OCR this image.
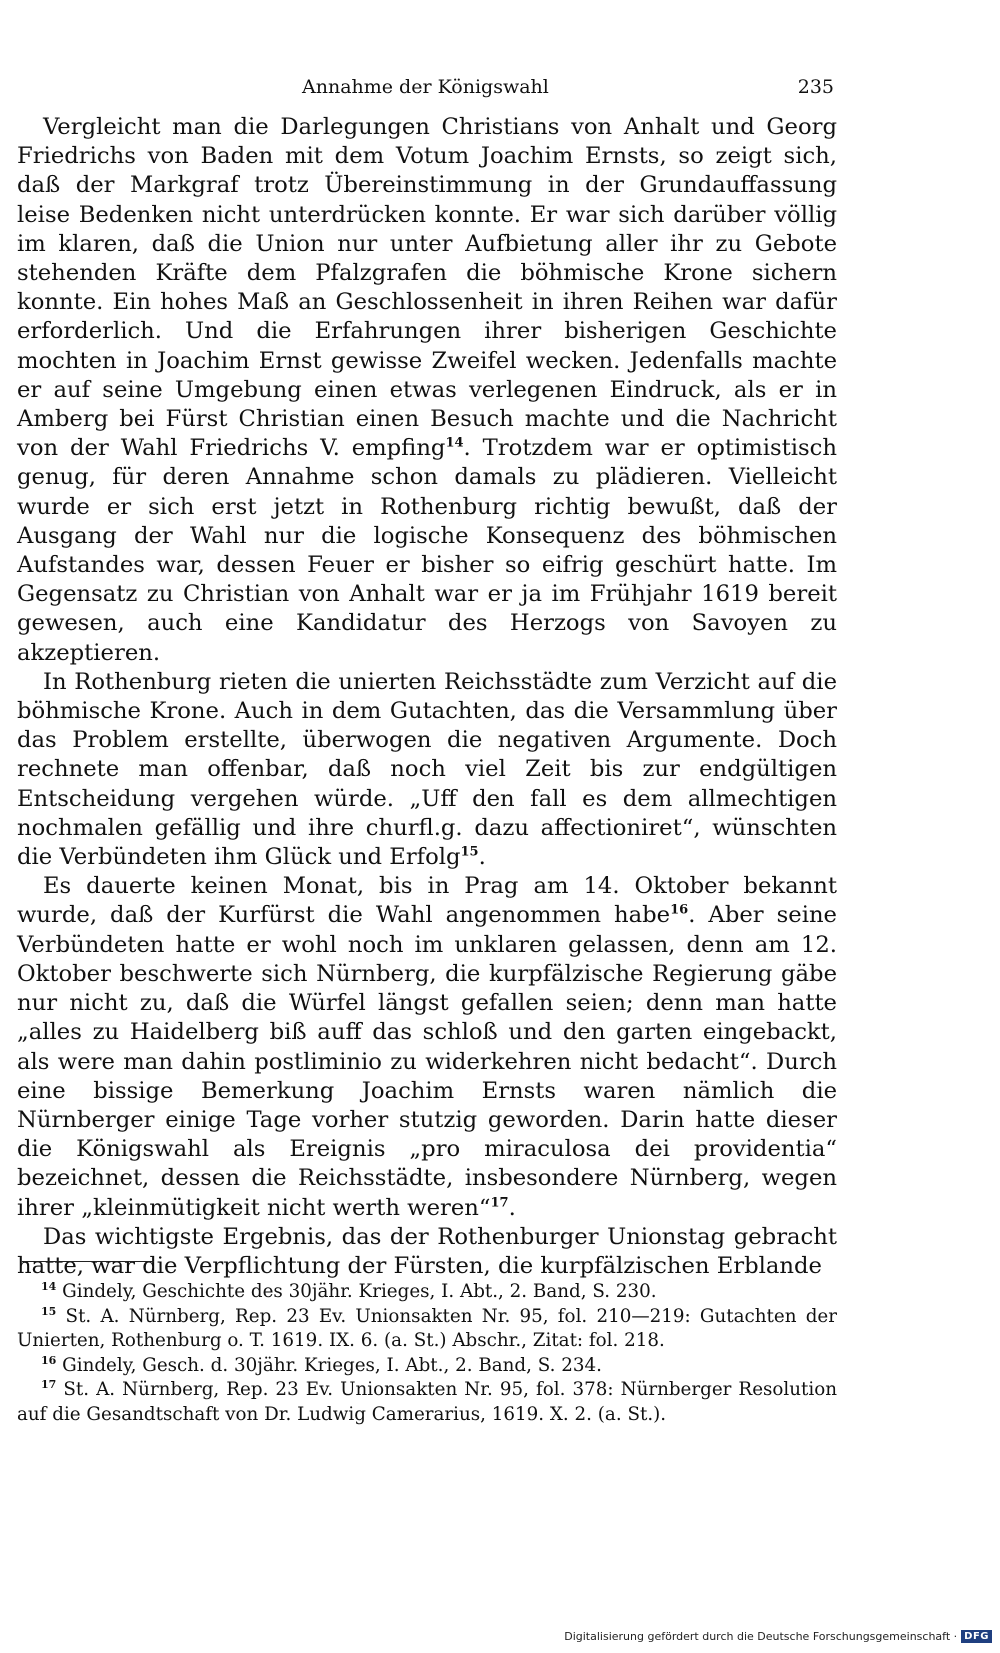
Annahme der Königswahl	235

Vergleicht man die Darlegungen Christians von Anhalt und Georg Friedrichs von Baden mit dem Votum Joachim Ernsts, so zeigt sich, daß der Markgraf trotz Übereinstimmung in der Grundauffassung leise Bedenken nicht unterdrücken konnte. Er war sich darüber völlig im klaren, daß die Union nur unter Aufbietung aller ihr zu Gebote stehenden Kräfte dem Pfalzgrafen die böhmische Krone sichern konnte. Ein hohes Maß an Geschlossenheit in ihren Reihen war dafür erforderlich. Und die Erfahrungen ihrer bisherigen Geschichte mochten in Joachim Ernst gewisse Zweifel wecken. Jedenfalls machte er auf seine Umgebung einen etwas verlegenen Eindruck, als er in Amberg bei Fürst Christian einen Besuch machte und die Nachricht von der Wahl Friedrichs V. empfing$^{14}$. Trotzdem war er optimistisch genug, für deren Annahme schon damals zu plädieren. Vielleicht wurde er sich erst jetzt in Rothenburg richtig bewußt, daß der Ausgang der Wahl nur die logische Konsequenz des böhmischen Aufstandes war, dessen Feuer er bisher so eifrig geschürt hatte. Im Gegensatz zu Christian von Anhalt war er ja im Frühjahr 1619 bereit gewesen, auch eine Kandidatur des Herzogs von Savoyen zu akzeptieren.

In Rothenburg rieten die unierten Reichsstädte zum Verzicht auf die böhmische Krone. Auch in dem Gutachten, das die Versammlung über das Problem erstellte, überwogen die negativen Argumente. Doch rechnete man offenbar, daß noch viel Zeit bis zur endgültigen Entscheidung vergehen würde. „Uff den fall es dem allmechtigen nochmalen gefällig und ihre churfl.g. dazu affectioniret“, wünschten die Verbündeten ihm Glück und Erfolg$^{15}$.

Es dauerte keinen Monat, bis in Prag am 14. Oktober bekannt wurde, daß der Kurfürst die Wahl angenommen habe$^{16}$. Aber seine Verbündeten hatte er wohl noch im unklaren gelassen, denn am 12. Oktober beschwerte sich Nürnberg, die kurpfälzische Regierung gäbe nur nicht zu, daß die Würfel längst gefallen seien; denn man hatte „alles zu Haidelberg biß auff das schloß und den garten eingebackt, als were man dahin postliminio zu widerkehren nicht bedacht“. Durch eine bissige Bemerkung Joachim Ernsts waren nämlich die Nürnberger einige Tage vorher stutzig geworden. Darin hatte dieser die Königswahl als Ereignis „pro miraculosa dei providentia“ bezeichnet, dessen die Reichsstädte, insbesondere Nürnberg, wegen ihrer „kleinmütigkeit nicht werth weren“$^{17}$.

Das wichtigste Ergebnis, das der Rothenburger Unionstag gebracht hatte, war die Verpflichtung der Fürsten, die kurpfälzischen Erblande

$^{14}$ Gindely, Geschichte des 30jähr. Krieges, I. Abt., 2. Band, S. 230.

$^{15}$ St. A. Nürnberg, Rep. 23 Ev. Unionsakten Nr. 95, fol. 210—219: Gutachten der Unierten, Rothenburg o. T. 1619. IX. 6. (a. St.) Abschr., Zitat: fol. 218.

$^{16}$ Gindely, Gesch. d. 30jähr. Krieges, I. Abt., 2. Band, S. 234.

$^{17}$ St. A. Nürnberg, Rep. 23 Ev. Unionsakten Nr. 95, fol. 378: Nürnberger Resolution auf die Gesandtschaft von Dr. Ludwig Camerarius, 1619. X. 2. (a. St.).

Digitalisierung gefördert durch die Deutsche Forschungsgemeinschaft · DFG
